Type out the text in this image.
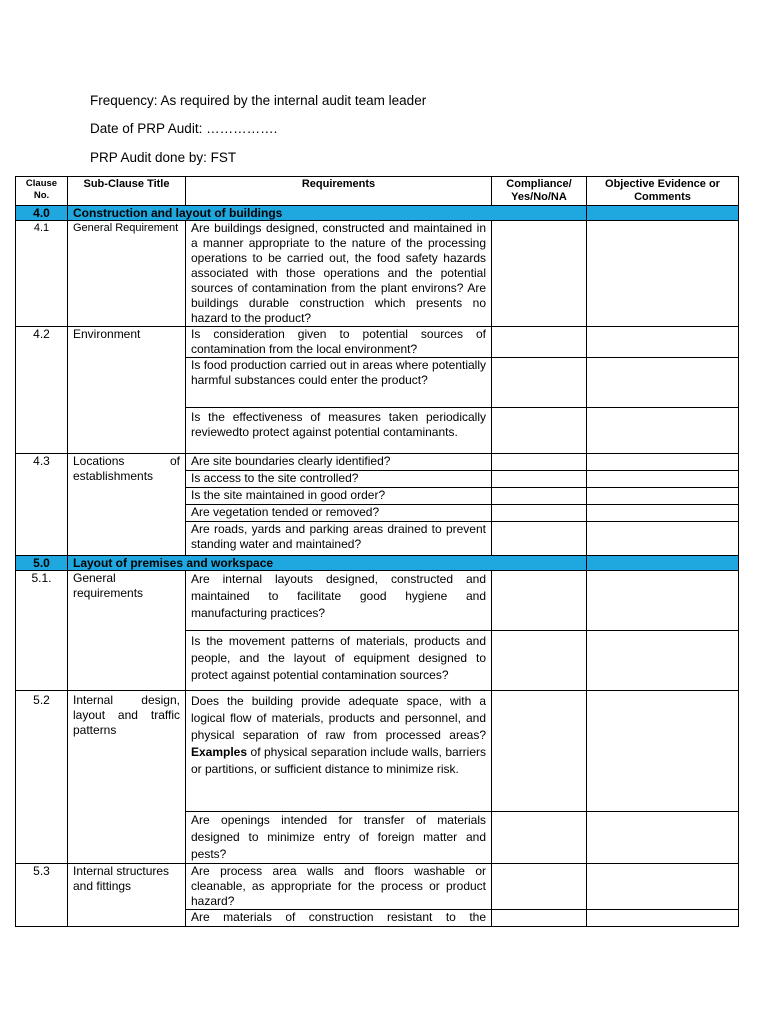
Frequency: As required by the internal audit team leader
Date of PRP Audit: …………….
PRP Audit done by: FST
Clause No.	Sub-Clause Title	Requirements	Compliance/ Yes/No/NA	Objective Evidence or Comments
4.0	Construction and layout of buildings			
4.1	General Requirement	Are buildings designed, constructed and maintained in a manner appropriate to the nature of the processing operations to be carried out, the food safety hazards associated with those operations and the potential sources of contamination from the plant environs? Are buildings durable construction which presents no hazard to the product?		
4.2	Environment	Is consideration given to potential sources of contamination from the local environment?		
		Is food production carried out in areas where potentially harmful substances could enter the product?		
		Is the effectiveness of measures taken periodically reviewedto protect against potential contaminants.		
4.3	Locations of establishments	Are site boundaries clearly identified?		
		Is access to the site controlled?		
		Is the site maintained in good order?		
		Are vegetation tended or removed?		
		Are roads, yards and parking areas drained to prevent standing water and maintained?		
5.0	Layout of premises and workspace			
5.1.	General requirements	Are internal layouts designed, constructed and maintained to facilitate good hygiene and manufacturing practices?		
		Is the movement patterns of materials, products and people, and the layout of equipment designed to protect against potential contamination sources?		
5.2	Internal design, layout and traffic patterns	Does the building provide adequate space, with a logical flow of materials, products and personnel, and physical separation of raw from processed areas? Examples of physical separation include walls, barriers or partitions, or sufficient distance to minimize risk.		
		Are openings intended for transfer of materials designed to minimize entry of foreign matter and pests?		
5.3	Internal structures and fittings	Are process area walls and floors washable or cleanable, as appropriate for the process or product hazard?		
		Are materials of construction resistant to the		
